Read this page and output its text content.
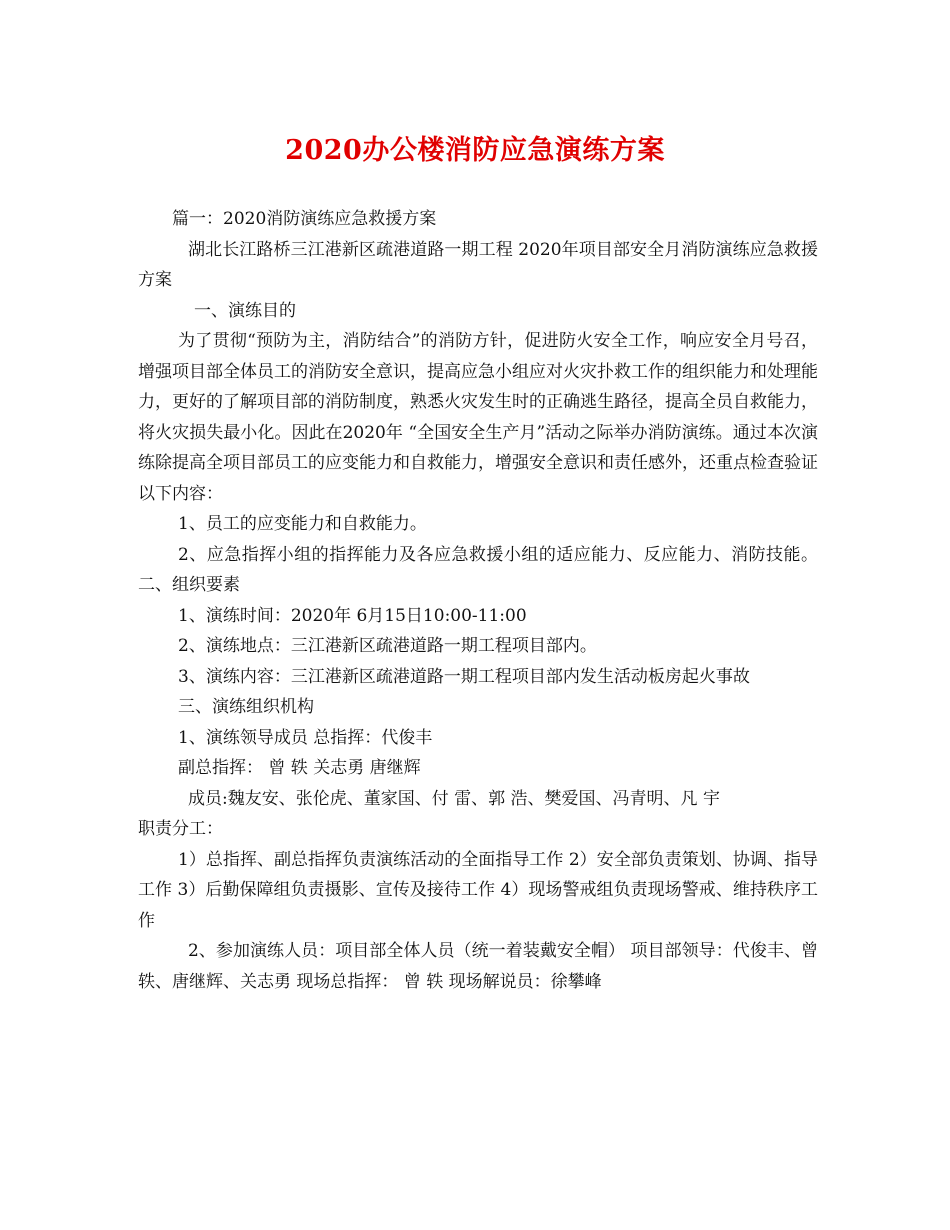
2020办公楼消防应急演练方案

篇一：2020消防演练应急救援方案

湖北长江路桥三江港新区疏港道路一期工程 2020年项目部安全月消防演练应急救援方案

一、演练目的

为了贯彻“预防为主，消防结合”的消防方针，促进防火安全工作，响应安全月号召，增强项目部全体员工的消防安全意识，提高应急小组应对火灾扑救工作的组织能力和处理能力，更好的了解项目部的消防制度，熟悉火灾发生时的正确逃生路径，提高全员自救能力，将火灾损失最小化。因此在2020年 “全国安全生产月”活动之际举办消防演练。通过本次演练除提高全项目部员工的应变能力和自救能力，增强安全意识和责任感外，还重点检查验证以下内容：

1、员工的应变能力和自救能力。

2、应急指挥小组的指挥能力及各应急救援小组的适应能力、反应能力、消防技能。 二、组织要素

1、演练时间：2020年 6月15日10:00-11:00

2、演练地点：三江港新区疏港道路一期工程项目部内。

3、演练内容：三江港新区疏港道路一期工程项目部内发生活动板房起火事故

三、演练组织机构

1、演练领导成员 总指挥：代俊丰

副总指挥： 曾 轶 关志勇 唐继辉

成员:魏友安、张伦虎、董家国、付 雷、郭 浩、樊爱国、冯青明、凡 宇

职责分工：

1）总指挥、副总指挥负责演练活动的全面指导工作 2）安全部负责策划、协调、指导工作 3）后勤保障组负责摄影、宣传及接待工作 4）现场警戒组负责现场警戒、维持秩序工作

2、参加演练人员：项目部全体人员（统一着装戴安全帽） 项目部领导：代俊丰、曾 轶、唐继辉、关志勇 现场总指挥： 曾 轶 现场解说员：徐攀峰
